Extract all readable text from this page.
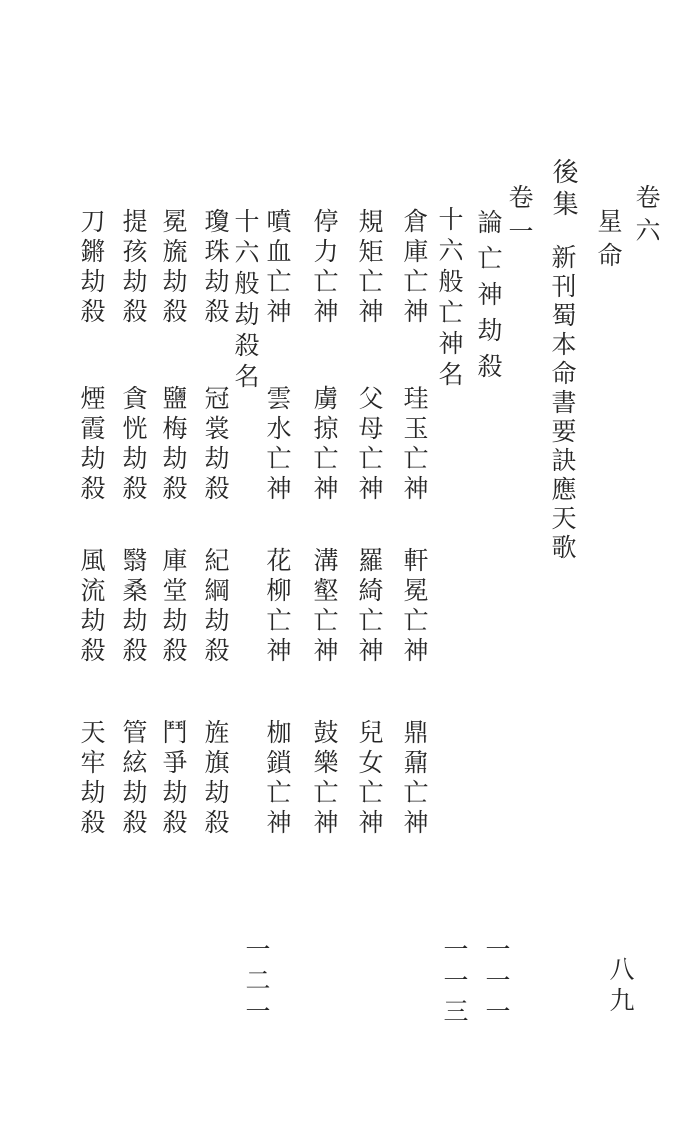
卷六
星命
後集
新刊蜀本命書要訣應天歌
卷一
論亡神劫殺
十六般亡神名
十六般劫殺名	倉庫亡神
珪玉亡神
軒冕亡神
鼎鼐亡神
規矩亡神
父母亡神
羅綺亡神
兒女亡神
停力亡神
虜掠亡神
溝壑亡神
鼓樂亡神
噴血亡神
雲水亡神
花柳亡神
枷鎖亡神
瓊珠劫殺
冠裳劫殺
紀綱劫殺
旌旗劫殺
冕旒劫殺
鹽梅劫殺
庫堂劫殺
鬥爭劫殺
提孩劫殺
貪恍劫殺
翳桑劫殺
管絃劫殺
刀鏘劫殺
煙霞劫殺
風流劫殺
天牢劫殺
八九
一一一
一一三
一二一
